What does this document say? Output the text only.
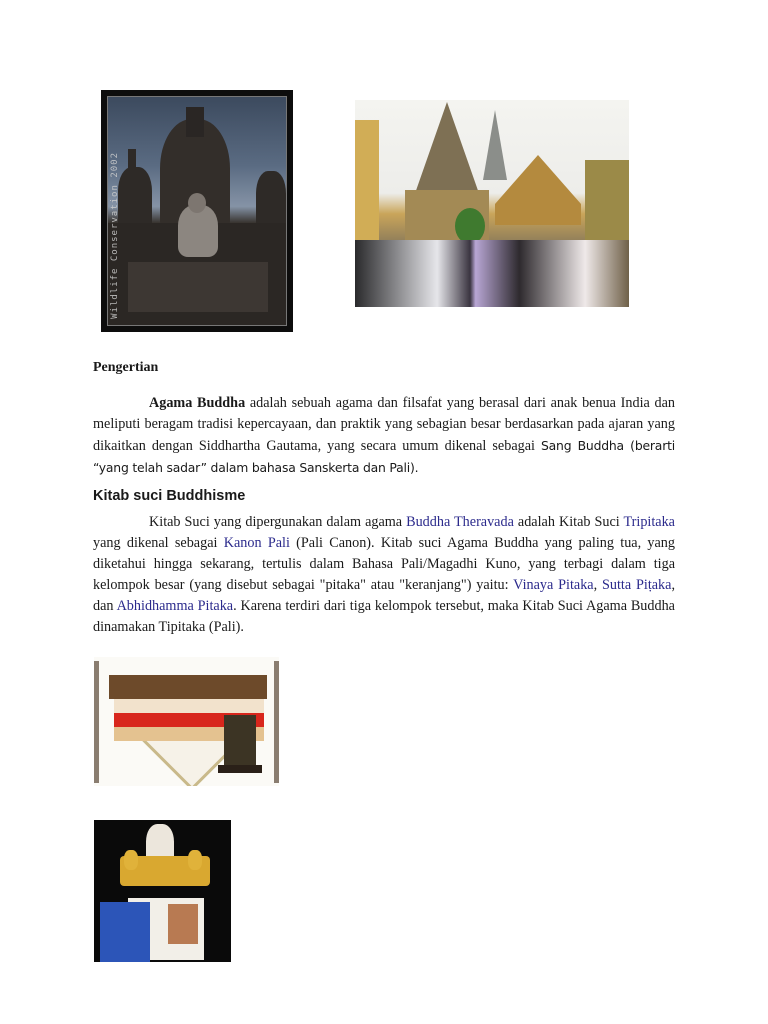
Wildlife Conservation 2002
Pengertian

Agama Buddha adalah sebuah agama dan filsafat yang berasal dari anak benua India dan meliputi beragam tradisi kepercayaan, dan praktik yang sebagian besar berdasarkan pada ajaran yang dikaitkan dengan Siddhartha Gautama, yang secara umum dikenal sebagai Sang Buddha (berarti “yang telah sadar” dalam bahasa Sanskerta dan Pali).

Kitab suci Buddhisme

Kitab Suci yang dipergunakan dalam agama Buddha Theravada adalah Kitab Suci Tripitaka yang dikenal sebagai Kanon Pali (Pali Canon). Kitab suci Agama Buddha yang paling tua, yang diketahui hingga sekarang, tertulis dalam Bahasa Pali/Magadhi Kuno, yang terbagi dalam tiga kelompok besar (yang disebut sebagai "pitaka" atau "keranjang") yaitu: Vinaya Pitaka, Sutta Piṭaka, dan Abhidhamma Pitaka. Karena terdiri dari tiga kelompok tersebut, maka Kitab Suci Agama Buddha dinamakan Tipitaka (Pali).
